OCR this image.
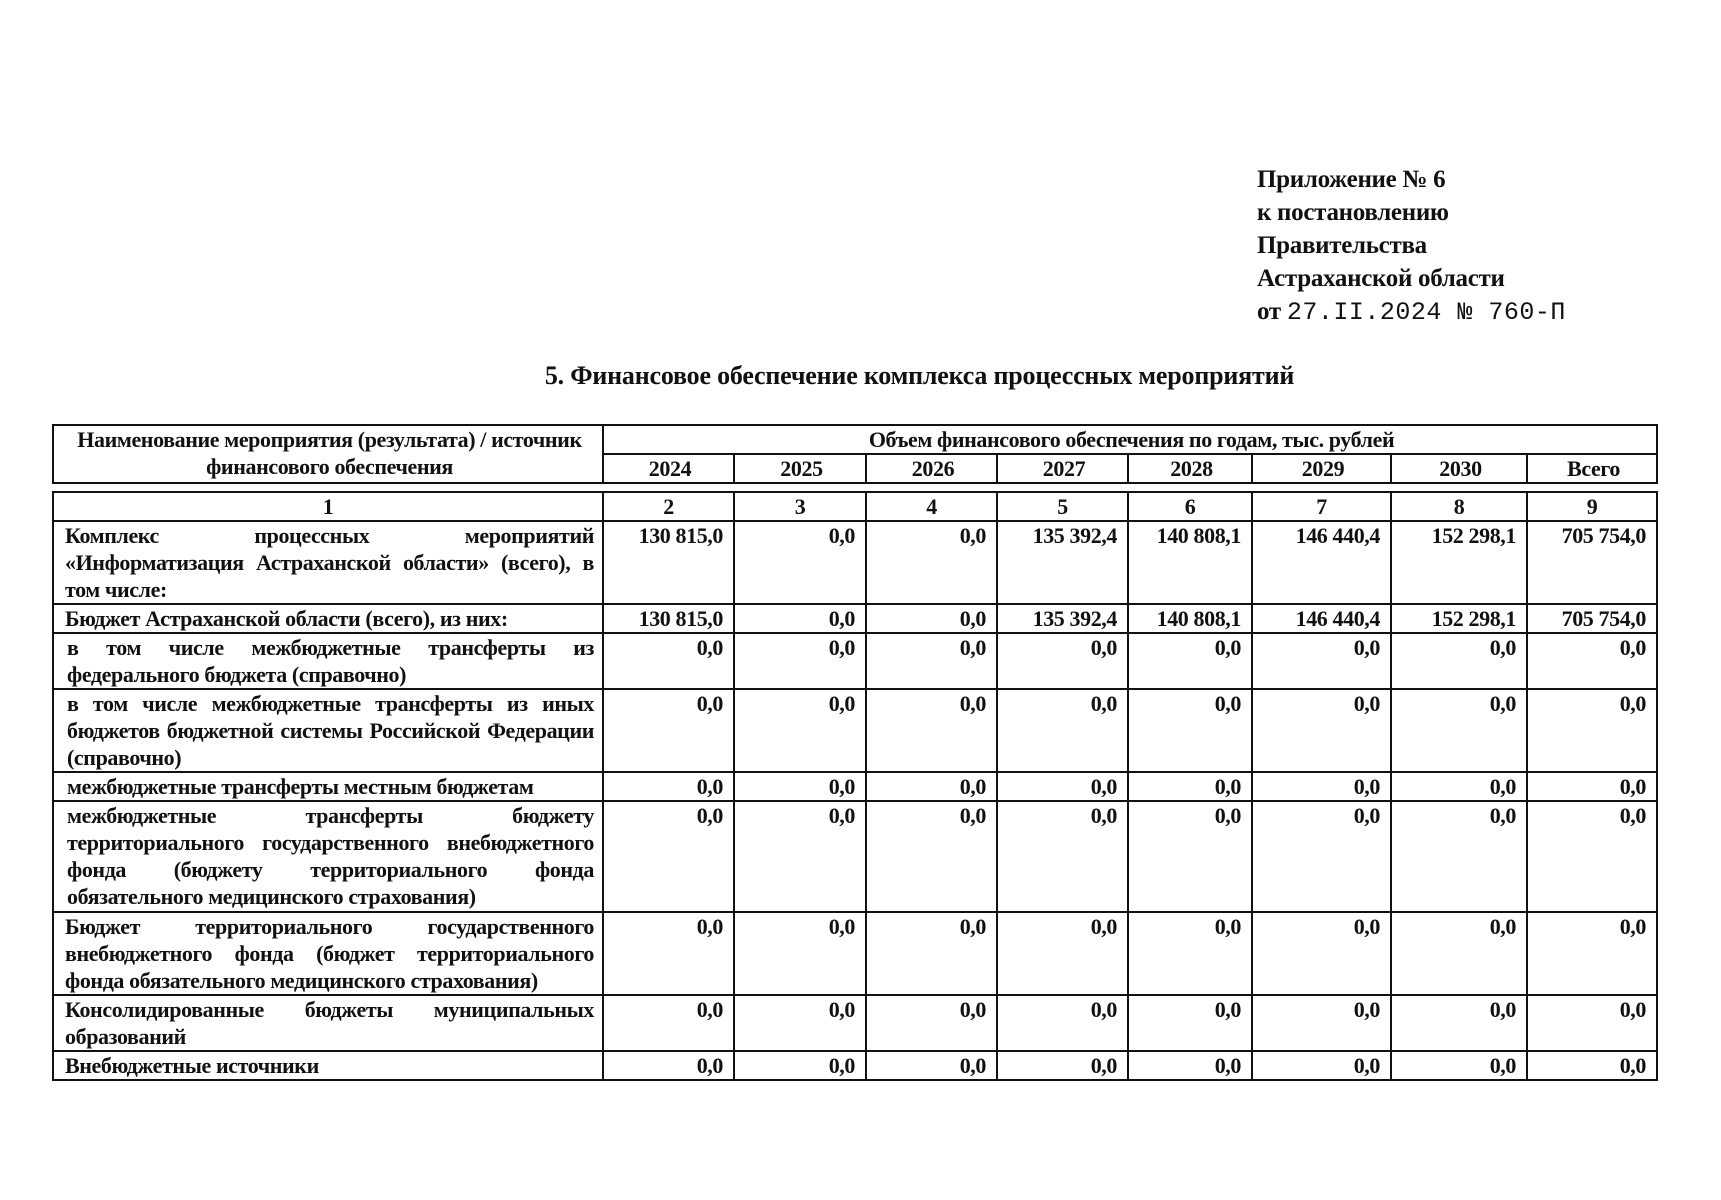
Приложение № 6
к постановлению
Правительства
Астраханской области
от 27.II.2024 № 760-П
5. Финансовое обеспечение комплекса процессных мероприятий
Наименование мероприятия (результата) / источник финансового обеспечения	Объем финансового обеспечения по годам, тыс. рублей							
	2024	2025	2026	2027	2028	2029	2030	Всего
1	2	3	4	5	6	7	8	9
Комплекс процессных мероприятий «Информатизация Астраханской области» (всего), в том числе:	130 815,0	0,0	0,0	135 392,4	140 808,1	146 440,4	152 298,1	705 754,0
Бюджет Астраханской области (всего), из них:	130 815,0	0,0	0,0	135 392,4	140 808,1	146 440,4	152 298,1	705 754,0
в том числе межбюджетные трансферты из федерального бюджета (справочно)	0,0	0,0	0,0	0,0	0,0	0,0	0,0	0,0
в том числе межбюджетные трансферты из иных бюджетов бюджетной системы Российской Федерации (справочно)	0,0	0,0	0,0	0,0	0,0	0,0	0,0	0,0
межбюджетные трансферты местным бюджетам	0,0	0,0	0,0	0,0	0,0	0,0	0,0	0,0
межбюджетные трансферты бюджету территориального государственного внебюджетного фонда (бюджету территориального фонда обязательного медицинского страхования)	0,0	0,0	0,0	0,0	0,0	0,0	0,0	0,0
Бюджет территориального государственного внебюджетного фонда (бюджет территориального фонда обязательного медицинского страхования)	0,0	0,0	0,0	0,0	0,0	0,0	0,0	0,0
Консолидированные бюджеты муниципальных образований	0,0	0,0	0,0	0,0	0,0	0,0	0,0	0,0
Внебюджетные источники	0,0	0,0	0,0	0,0	0,0	0,0	0,0	0,0
